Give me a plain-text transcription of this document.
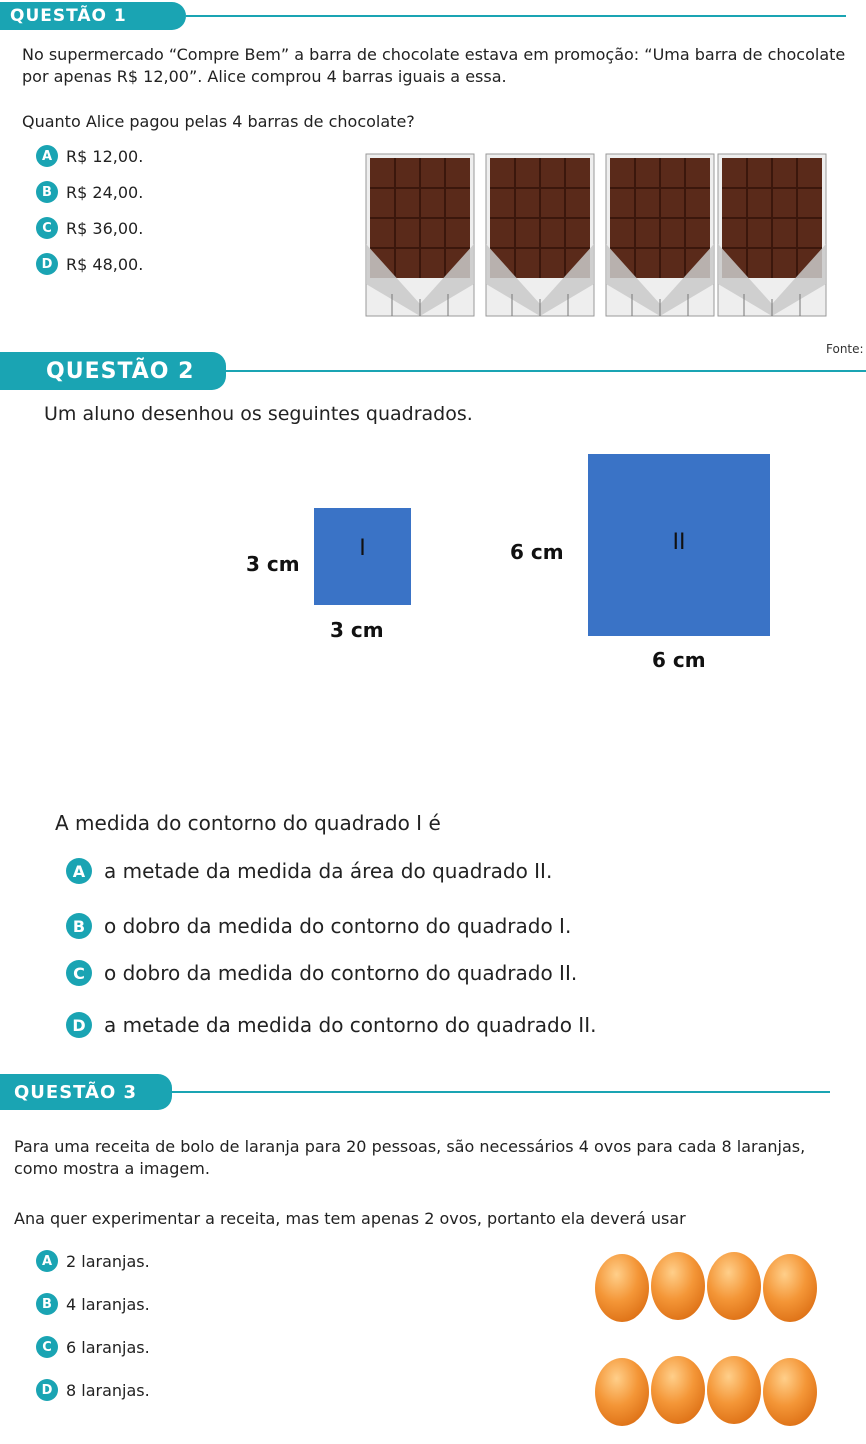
QUESTÃO 1
No supermercado “Compre Bem” a barra de chocolate estava em promoção: “Uma barra de chocolate por apenas R$ 12,00”. Alice comprou 4 barras iguais a essa.
Quanto Alice pagou pelas 4 barras de chocolate?
A R$ 12,00.
B R$ 24,00.
C R$ 36,00.
D R$ 48,00.
Fonte:
QUESTÃO 2
Um aluno desenhou os seguintes quadrados.
3 cm
I
3 cm
6 cm	II
6 cm
A medida do contorno do quadrado I é
A a metade da medida da área do quadrado II.
B o dobro da medida do contorno do quadrado I.
C o dobro da medida do contorno do quadrado II.
D a metade da medida do contorno do quadrado II.
QUESTÃO 3
Para uma receita de bolo de laranja para 20 pessoas, são necessários 4 ovos para cada 8 laranjas, como mostra a imagem.
Ana quer experimentar a receita, mas tem apenas 2 ovos, portanto ela deverá usar
A 2 laranjas.
B 4 laranjas.
C 6 laranjas.
D 8 laranjas.
